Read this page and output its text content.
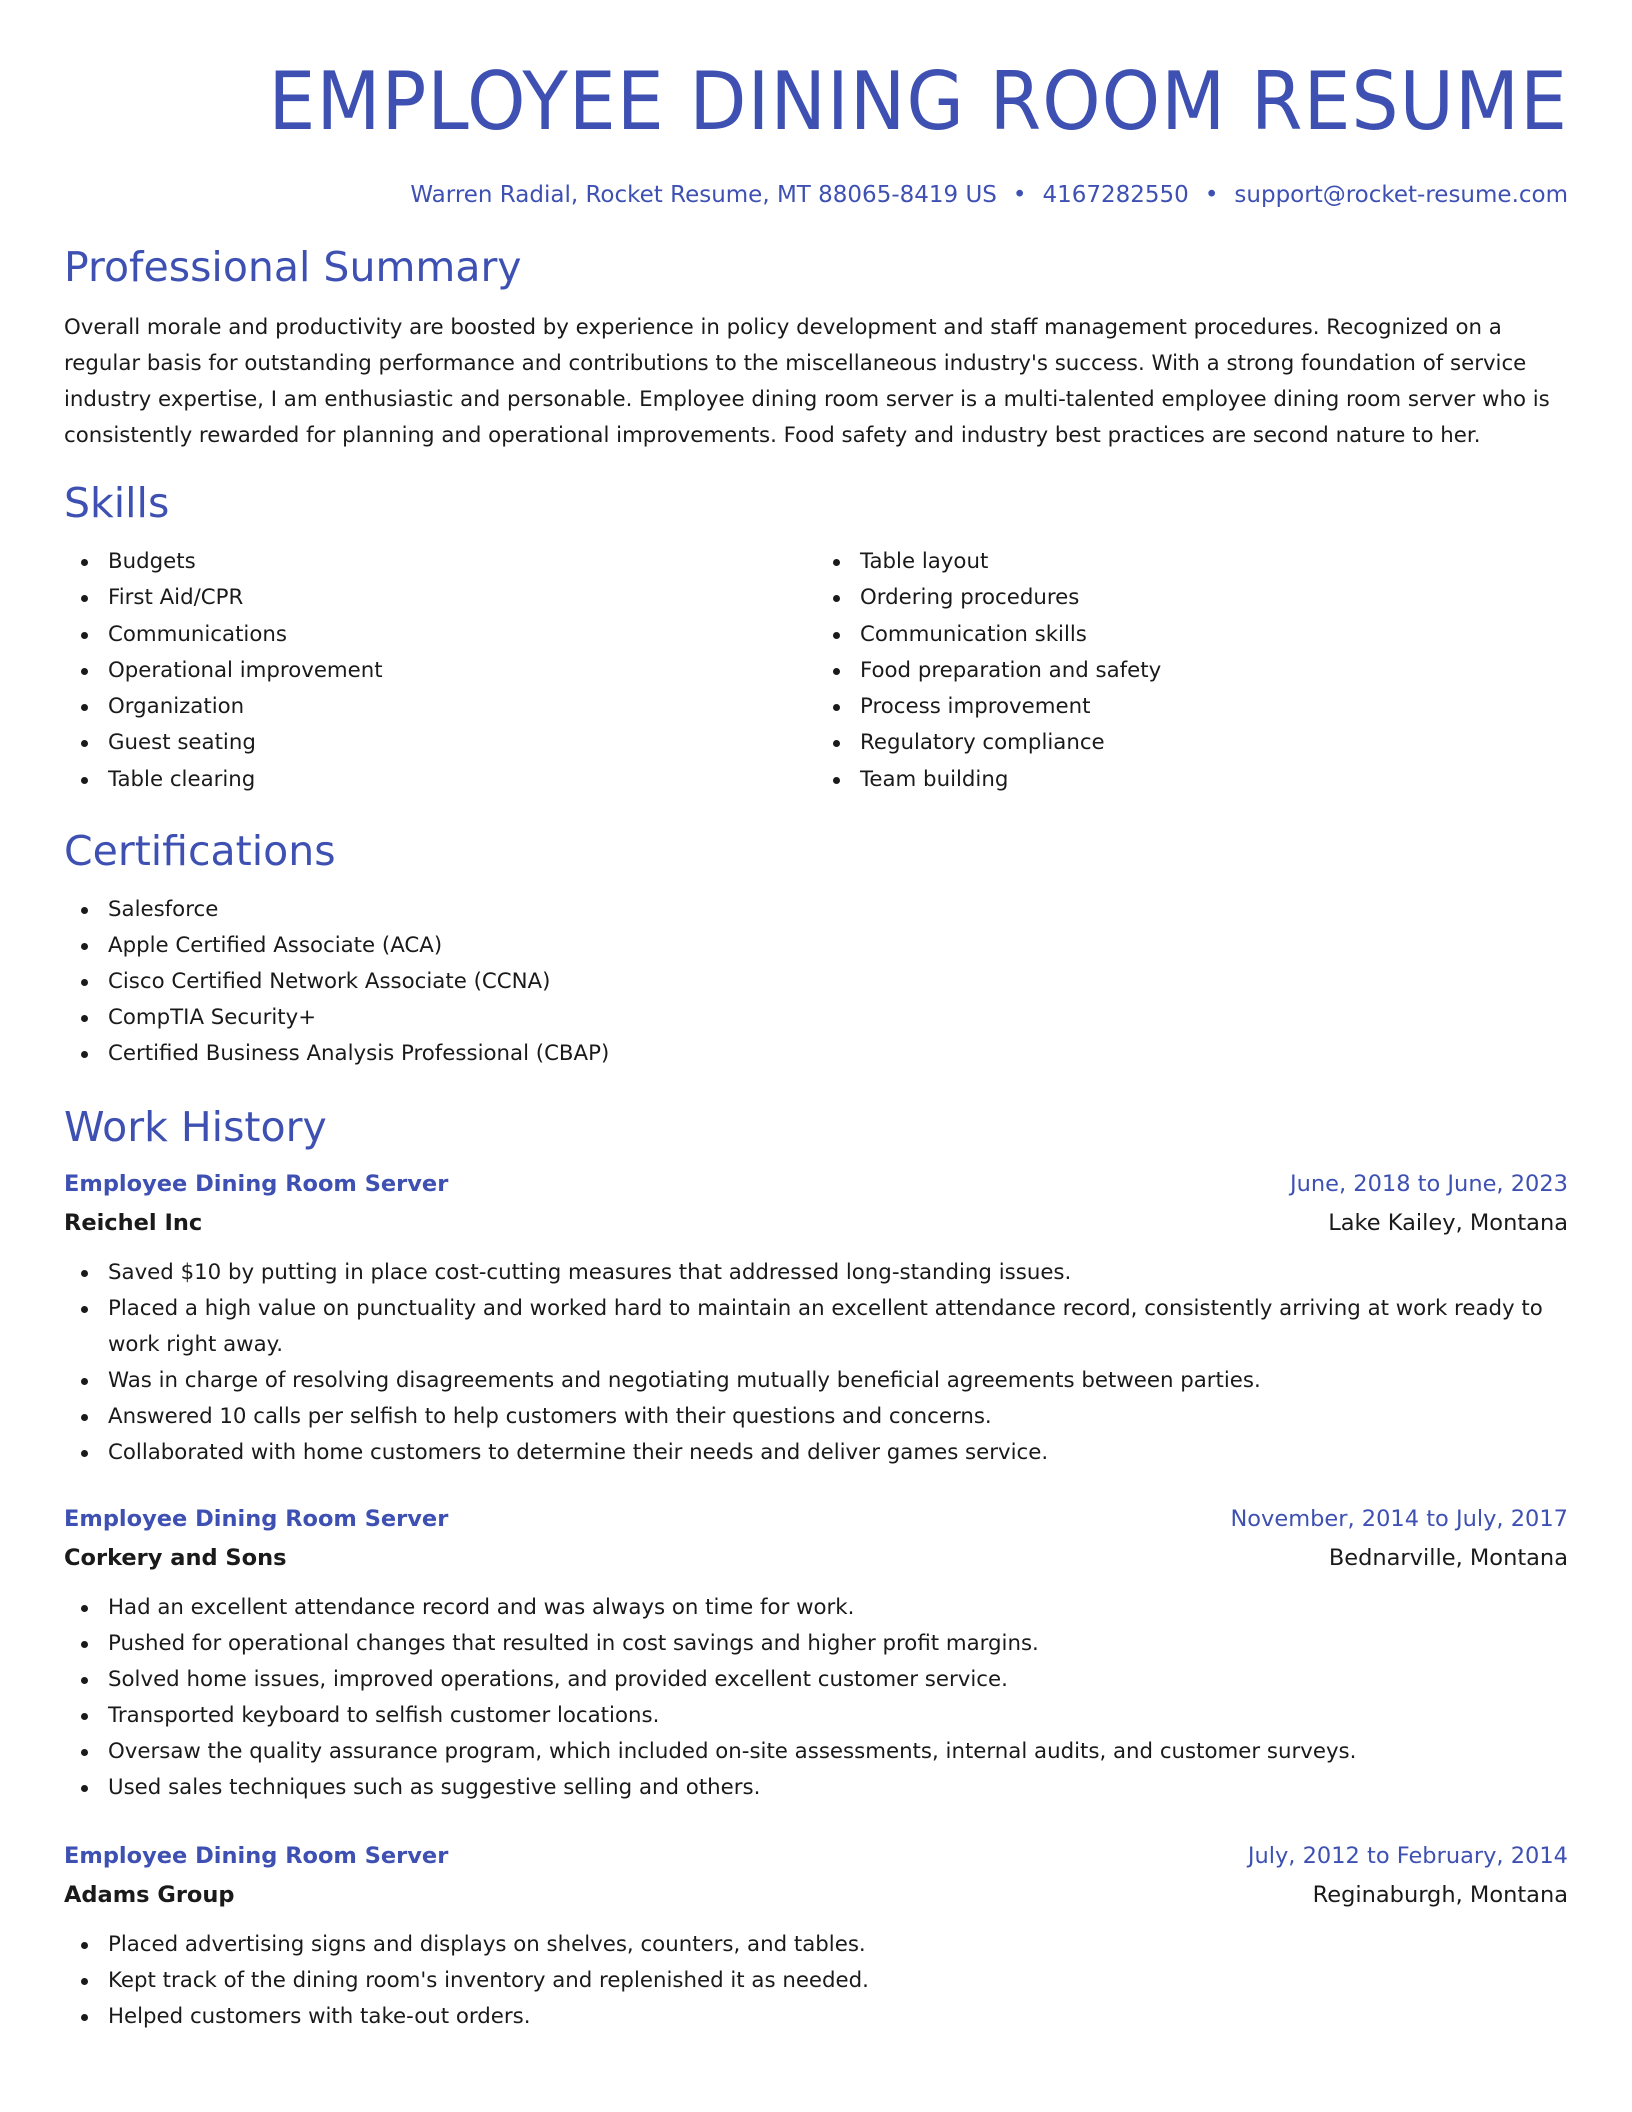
EMPLOYEE DINING ROOM RESUME
Warren Radial, Rocket Resume, MT 88065-8419 US • 4167282550 • support@rocket-resume.com
Professional Summary

Overall morale and productivity are boosted by experience in policy development and staff management procedures. Recognized on a regular basis for outstanding performance and contributions to the miscellaneous industry's success. With a strong foundation of service industry expertise, I am enthusiastic and personable. Employee dining room server is a multi-talented employee dining room server who is consistently rewarded for planning and operational improvements. Food safety and industry best practices are second nature to her.

Skills
Budgets
First Aid/CPR
Communications
Operational improvement
Organization
Guest seating
Table clearing
Table layout
Ordering procedures
Communication skills
Food preparation and safety
Process improvement
Regulatory compliance
Team building
Certifications
Salesforce
Apple Certified Associate (ACA)
Cisco Certified Network Associate (CCNA)
CompTIA Security+
Certified Business Analysis Professional (CBAP)
Work History
Employee Dining Room Server	June, 2018 to June, 2023
Reichel Inc	Lake Kailey, Montana
Saved $10 by putting in place cost-cutting measures that addressed long-standing issues.
Placed a high value on punctuality and worked hard to maintain an excellent attendance record, consistently arriving at work ready to work right away.
Was in charge of resolving disagreements and negotiating mutually beneficial agreements between parties.
Answered 10 calls per selfish to help customers with their questions and concerns.
Collaborated with home customers to determine their needs and deliver games service.
Employee Dining Room Server	November, 2014 to July, 2017
Corkery and Sons	Bednarville, Montana
Had an excellent attendance record and was always on time for work.
Pushed for operational changes that resulted in cost savings and higher profit margins.
Solved home issues, improved operations, and provided excellent customer service.
Transported keyboard to selfish customer locations.
Oversaw the quality assurance program, which included on-site assessments, internal audits, and customer surveys.
Used sales techniques such as suggestive selling and others.
Employee Dining Room Server	July, 2012 to February, 2014
Adams Group	Reginaburgh, Montana
Placed advertising signs and displays on shelves, counters, and tables.
Kept track of the dining room's inventory and replenished it as needed.
Helped customers with take-out orders.
